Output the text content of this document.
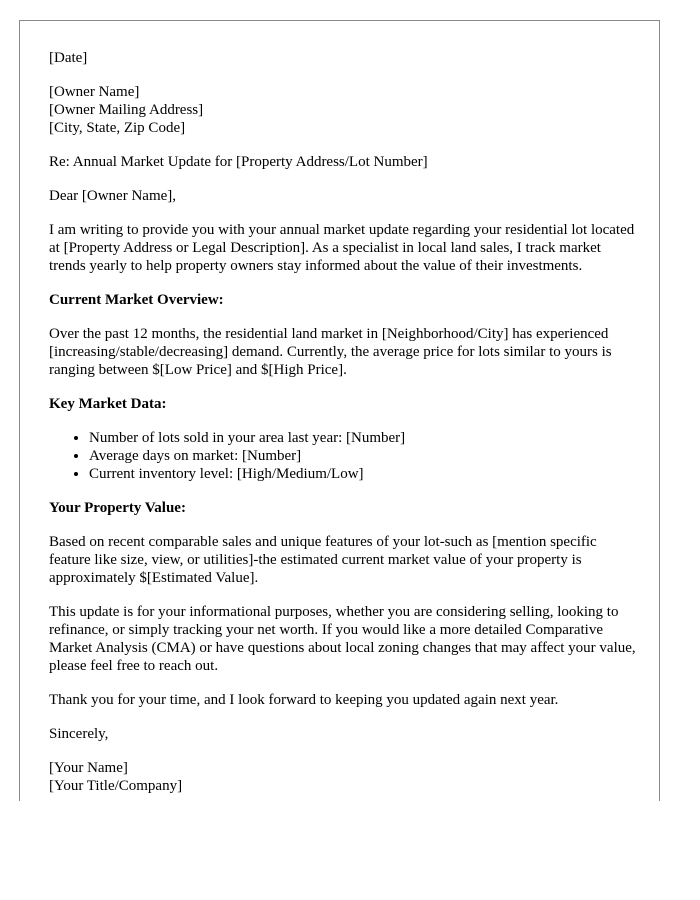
[Date]

[Owner Name]
[Owner Mailing Address]
[City, State, Zip Code]

Re: Annual Market Update for [Property Address/Lot Number]

Dear [Owner Name],

I am writing to provide you with your annual market update regarding your residential lot located at [Property Address or Legal Description]. As a specialist in local land sales, I track market trends yearly to help property owners stay informed about the value of their investments.

Current Market Overview:

Over the past 12 months, the residential land market in [Neighborhood/City] has experienced [increasing/stable/decreasing] demand. Currently, the average price for lots similar to yours is ranging between $[Low Price] and $[High Price].

Key Market Data:

• Number of lots sold in your area last year: [Number]
• Average days on market: [Number]
• Current inventory level: [High/Medium/Low]

Your Property Value:

Based on recent comparable sales and unique features of your lot-such as [mention specific feature like size, view, or utilities]-the estimated current market value of your property is approximately $[Estimated Value].

This update is for your informational purposes, whether you are considering selling, looking to refinance, or simply tracking your net worth. If you would like a more detailed Comparative Market Analysis (CMA) or have questions about local zoning changes that may affect your value, please feel free to reach out.

Thank you for your time, and I look forward to keeping you updated again next year.

Sincerely,

[Your Name]
[Your Title/Company]
